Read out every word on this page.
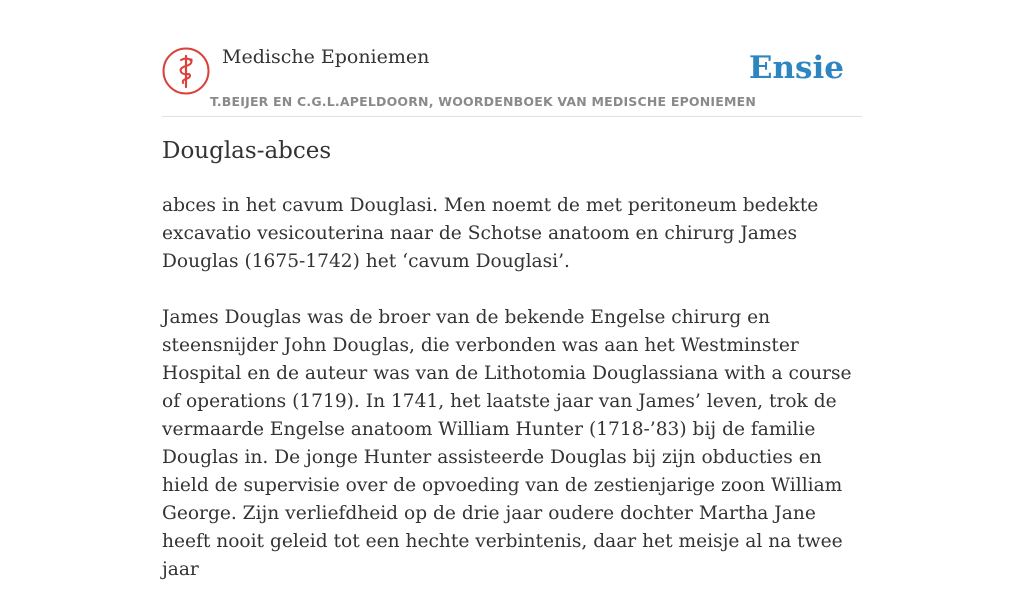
Medische Eponiemen
T.BEIJER EN C.G.L.APELDOORN, WOORDENBOEK VAN MEDISCHE EPONIEMEN
Ensie
Douglas-abces

abces in het cavum Douglasi. Men noemt de met peritoneum bedekte excavatio vesicouterina naar de Schotse anatoom en chirurg James Douglas (1675-1742) het ‘cavum Douglasi’.

James Douglas was de broer van de bekende Engelse chirurg en steensnijder John Douglas, die verbonden was aan het Westminster Hospital en de auteur was van de Lithotomia Douglassiana with a course of operations (1719). In 1741, het laatste jaar van James’ leven, trok de vermaarde Engelse anatoom William Hunter (1718-’83) bij de familie Douglas in. De jonge Hunter assisteerde Douglas bij zijn obducties en hield de supervisie over de opvoeding van de zestienjarige zoon William George. Zijn verliefdheid op de drie jaar oudere dochter Martha Jane heeft nooit geleid tot een hechte verbintenis, daar het meisje al na twee jaar
